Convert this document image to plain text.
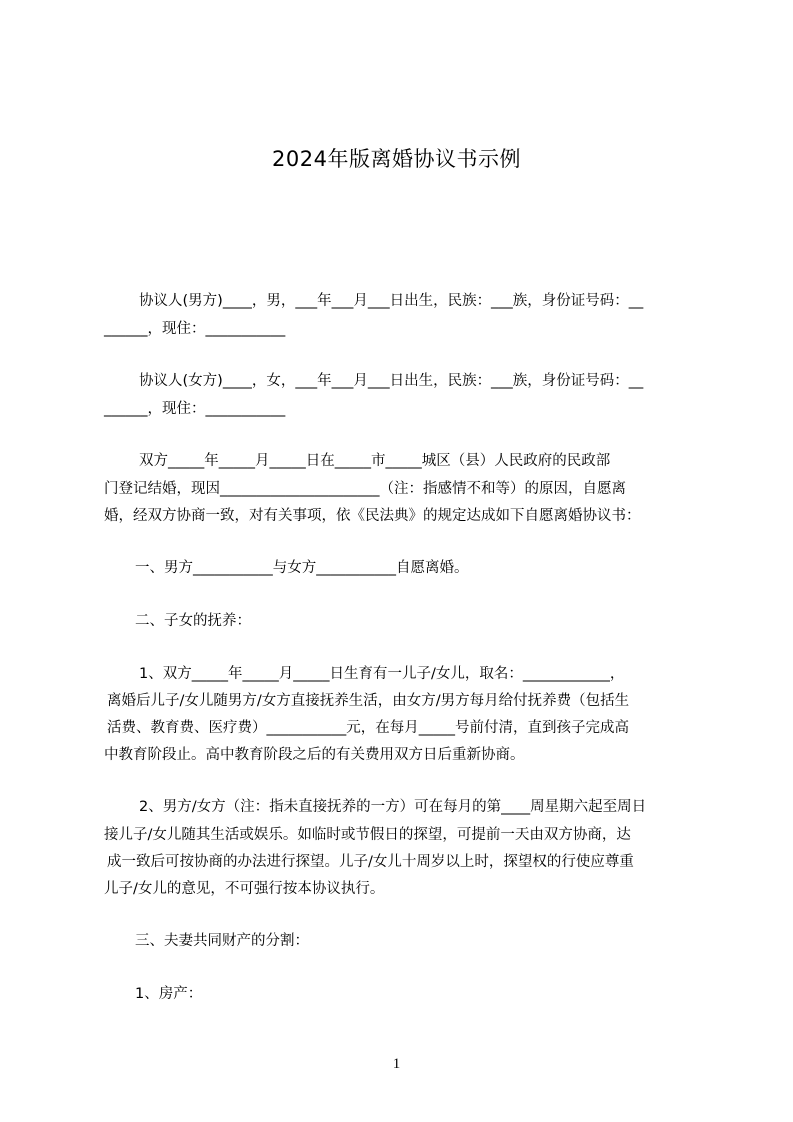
2024年版离婚协议书示例
协议人(男方)____，男，___年___月___日出生，民族：___族，身份证号码：__
______，现住：___________
协议人(女方)____，女，___年___月___日出生，民族：___族，身份证号码：__
______，现住：___________
双方_____年_____月_____日在_____市_____城区（县）人民政府的民政部
门登记结婚，现因______________________（注：指感情不和等）的原因，自愿离
婚，经双方协商一致，对有关事项，依《民法典》的规定达成如下自愿离婚协议书：
一、男方___________与女方___________自愿离婚。
二、子女的抚养：
1、双方_____年_____月_____日生育有一儿子/女儿，取名：____________，
离婚后儿子/女儿随男方/女方直接抚养生活，由女方/男方每月给付抚养费（包括生
活费、教育费、医疗费）___________元，在每月_____号前付清，直到孩子完成高
中教育阶段止。高中教育阶段之后的有关费用双方日后重新协商。
2、男方/女方（注：指未直接抚养的一方）可在每月的第____周星期六起至周日
接儿子/女儿随其生活或娱乐。如临时或节假日的探望，可提前一天由双方协商，达
成一致后可按协商的办法进行探望。儿子/女儿十周岁以上时，探望权的行使应尊重
儿子/女儿的意见，不可强行按本协议执行。
三、夫妻共同财产的分割：
1、房产：
1
